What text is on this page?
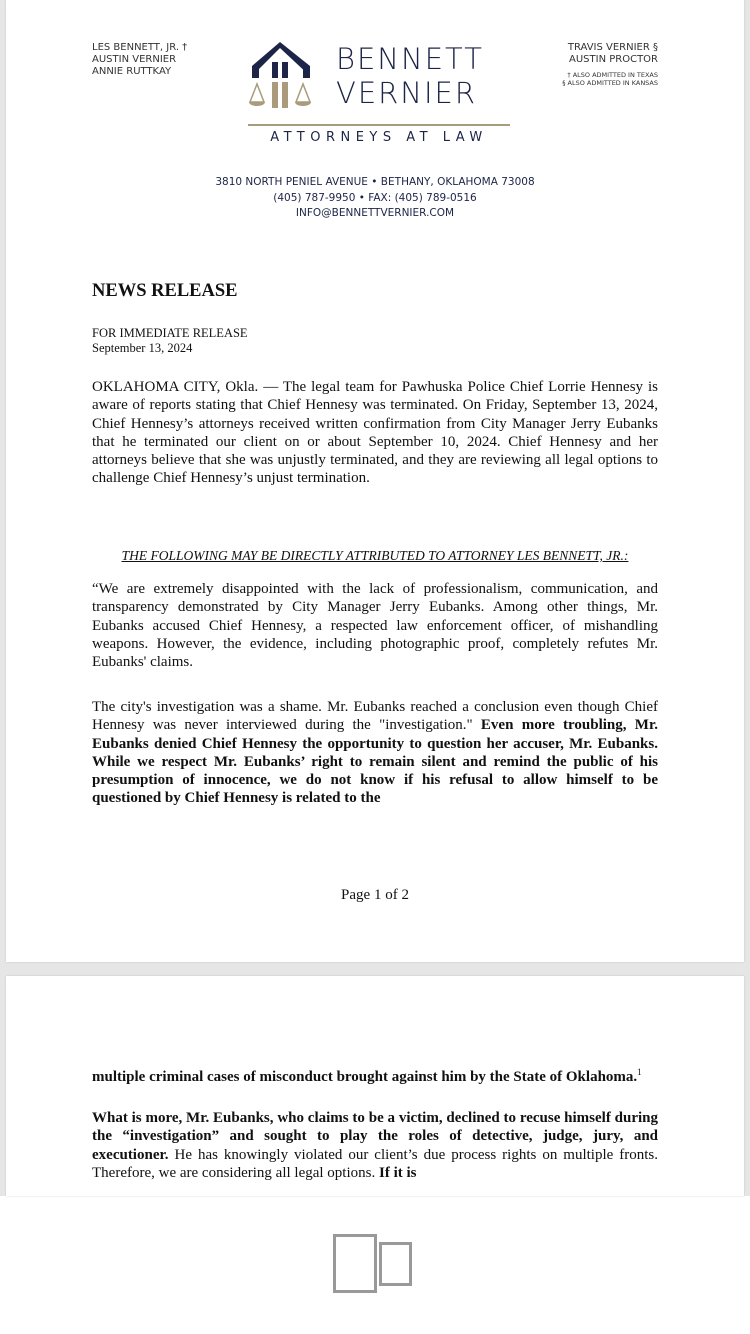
LES BENNETT, JR. †
AUSTIN VERNIER
ANNIE RUTTKAY
TRAVIS VERNIER §
AUSTIN PROCTOR
† ALSO ADMITTED IN TEXAS
§ ALSO ADMITTED IN KANSAS
BENNETT
VERNIER
ATTORNEYS AT LAW
3810 NORTH PENIEL AVENUE • BETHANY, OKLAHOMA 73008
(405) 787-9950 • FAX: (405) 789-0516
INFO@BENNETTVERNIER.COM
NEWS RELEASE
FOR IMMEDIATE RELEASE
September 13, 2024

OKLAHOMA CITY, Okla. — The legal team for Pawhuska Police Chief Lorrie Hennesy is aware of reports stating that Chief Hennesy was terminated. On Friday, September 13, 2024, Chief Hennesy’s attorneys received written confirmation from City Manager Jerry Eubanks that he terminated our client on or about September 10, 2024. Chief Hennesy and her attorneys believe that she was unjustly terminated, and they are reviewing all legal options to challenge Chief Hennesy’s unjust termination.

THE FOLLOWING MAY BE DIRECTLY ATTRIBUTED TO ATTORNEY LES BENNETT, JR.:

“We are extremely disappointed with the lack of professionalism, communication, and transparency demonstrated by City Manager Jerry Eubanks. Among other things, Mr. Eubanks accused Chief Hennesy, a respected law enforcement officer, of mishandling weapons. However, the evidence, including photographic proof, completely refutes Mr. Eubanks' claims.

The city's investigation was a shame. Mr. Eubanks reached a conclusion even though Chief Hennesy was never interviewed during the "investigation." Even more troubling, Mr. Eubanks denied Chief Hennesy the opportunity to question her accuser, Mr. Eubanks. While we respect Mr. Eubanks’ right to remain silent and remind the public of his presumption of innocence, we do not know if his refusal to allow himself to be questioned by Chief Hennesy is related to the

Page 1 of 2

multiple criminal cases of misconduct brought against him by the State of Oklahoma.$^1$

What is more, Mr. Eubanks, who claims to be a victim, declined to recuse himself during the “investigation” and sought to play the roles of detective, judge, jury, and executioner. He has knowingly violated our client’s due process rights on multiple fronts. Therefore, we are considering all legal options. If it is
